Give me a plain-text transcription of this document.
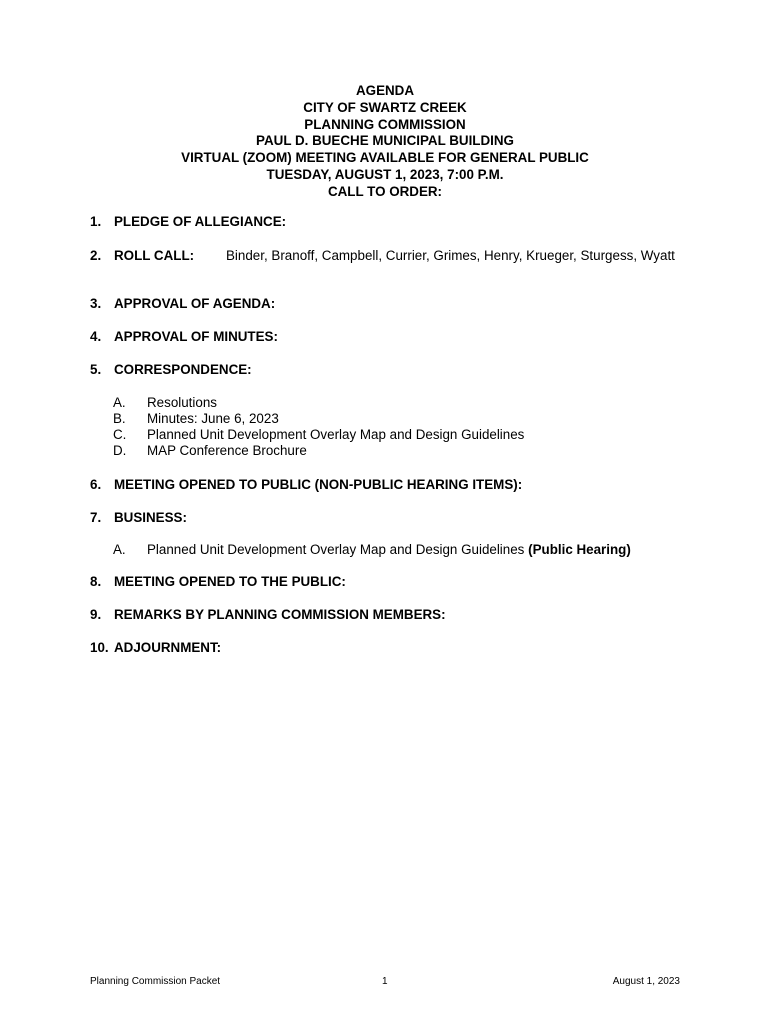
AGENDA
CITY OF SWARTZ CREEK
PLANNING COMMISSION
PAUL D. BUECHE MUNICIPAL BUILDING
VIRTUAL (ZOOM) MEETING AVAILABLE FOR GENERAL PUBLIC
TUESDAY, AUGUST 1, 2023, 7:00 P.M.
CALL TO ORDER:
1. PLEDGE OF ALLEGIANCE:
2. ROLL CALL: Binder, Branoff, Campbell, Currier, Grimes, Henry, Krueger, Sturgess, Wyatt
3. APPROVAL OF AGENDA:
4. APPROVAL OF MINUTES:
5. CORRESPONDENCE:
A. Resolutions
B. Minutes: June 6, 2023
C. Planned Unit Development Overlay Map and Design Guidelines
D. MAP Conference Brochure
6. MEETING OPENED TO PUBLIC (NON-PUBLIC HEARING ITEMS):
7. BUSINESS:
A. Planned Unit Development Overlay Map and Design Guidelines (Public Hearing)
8. MEETING OPENED TO THE PUBLIC:
9. REMARKS BY PLANNING COMMISSION MEMBERS:
10. ADJOURNMENT:
Planning Commission Packet	1	August 1, 2023
